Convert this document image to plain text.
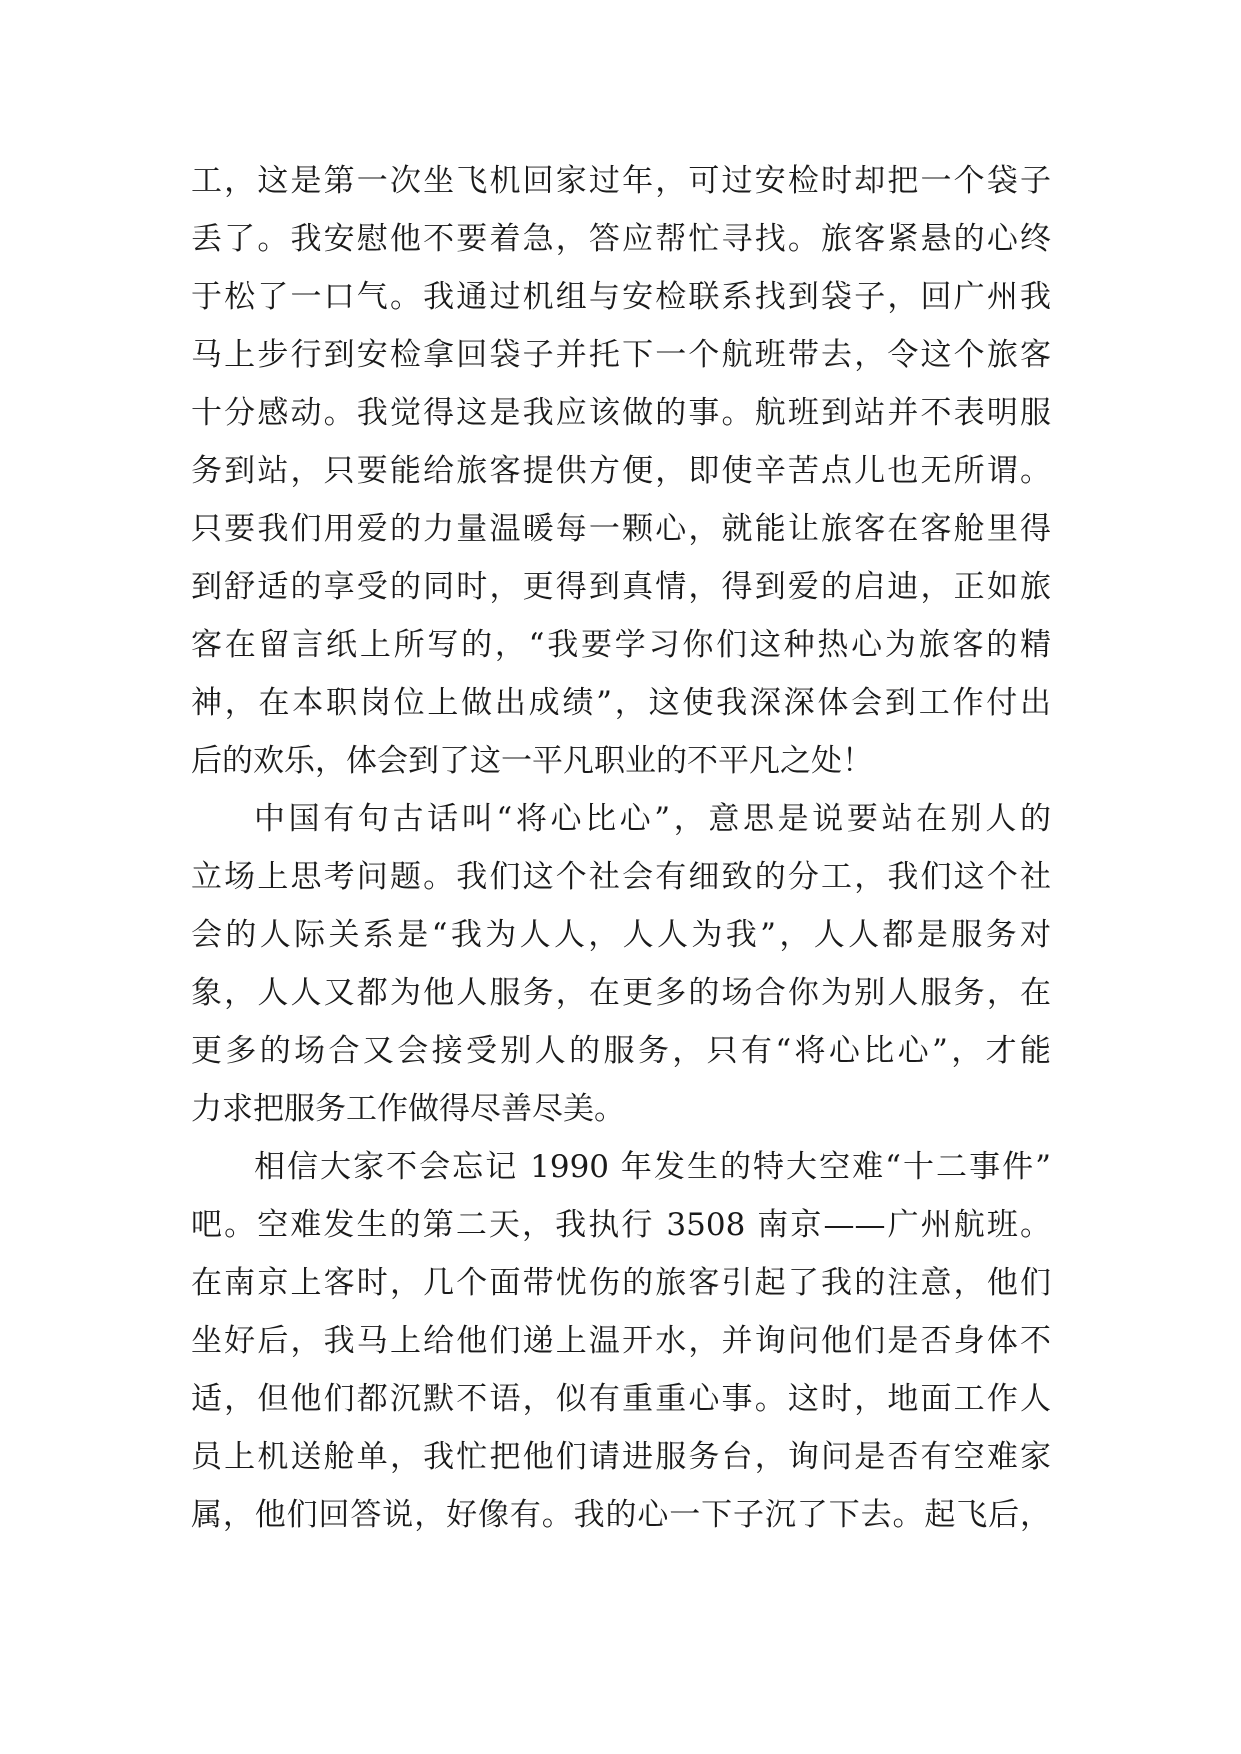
工，这是第一次坐飞机回家过年，可过安检时却把一个袋子
丢了。我安慰他不要着急，答应帮忙寻找。旅客紧悬的心终
于松了一口气。我通过机组与安检联系找到袋子，回广州我
马上步行到安检拿回袋子并托下一个航班带去，令这个旅客
十分感动。我觉得这是我应该做的事。航班到站并不表明服
务到站，只要能给旅客提供方便，即使辛苦点儿也无所谓。
只要我们用爱的力量温暖每一颗心，就能让旅客在客舱里得
到舒适的享受的同时，更得到真情，得到爱的启迪，正如旅
客在留言纸上所写的，“我要学习你们这种热心为旅客的精
神，在本职岗位上做出成绩”，这使我深深体会到工作付出
后的欢乐，体会到了这一平凡职业的不平凡之处！
中国有句古话叫“将心比心”，意思是说要站在别人的
立场上思考问题。我们这个社会有细致的分工，我们这个社
会的人际关系是“我为人人，人人为我”，人人都是服务对
象，人人又都为他人服务，在更多的场合你为别人服务，在
更多的场合又会接受别人的服务，只有“将心比心”，才能
力求把服务工作做得尽善尽美。
相信大家不会忘记 1990 年发生的特大空难“十二事件”
吧。空难发生的第二天，我执行 3508 南京——广州航班。
在南京上客时，几个面带忧伤的旅客引起了我的注意，他们
坐好后，我马上给他们递上温开水，并询问他们是否身体不
适，但他们都沉默不语，似有重重心事。这时，地面工作人
员上机送舱单，我忙把他们请进服务台，询问是否有空难家
属，他们回答说，好像有。我的心一下子沉了下去。起飞后，
